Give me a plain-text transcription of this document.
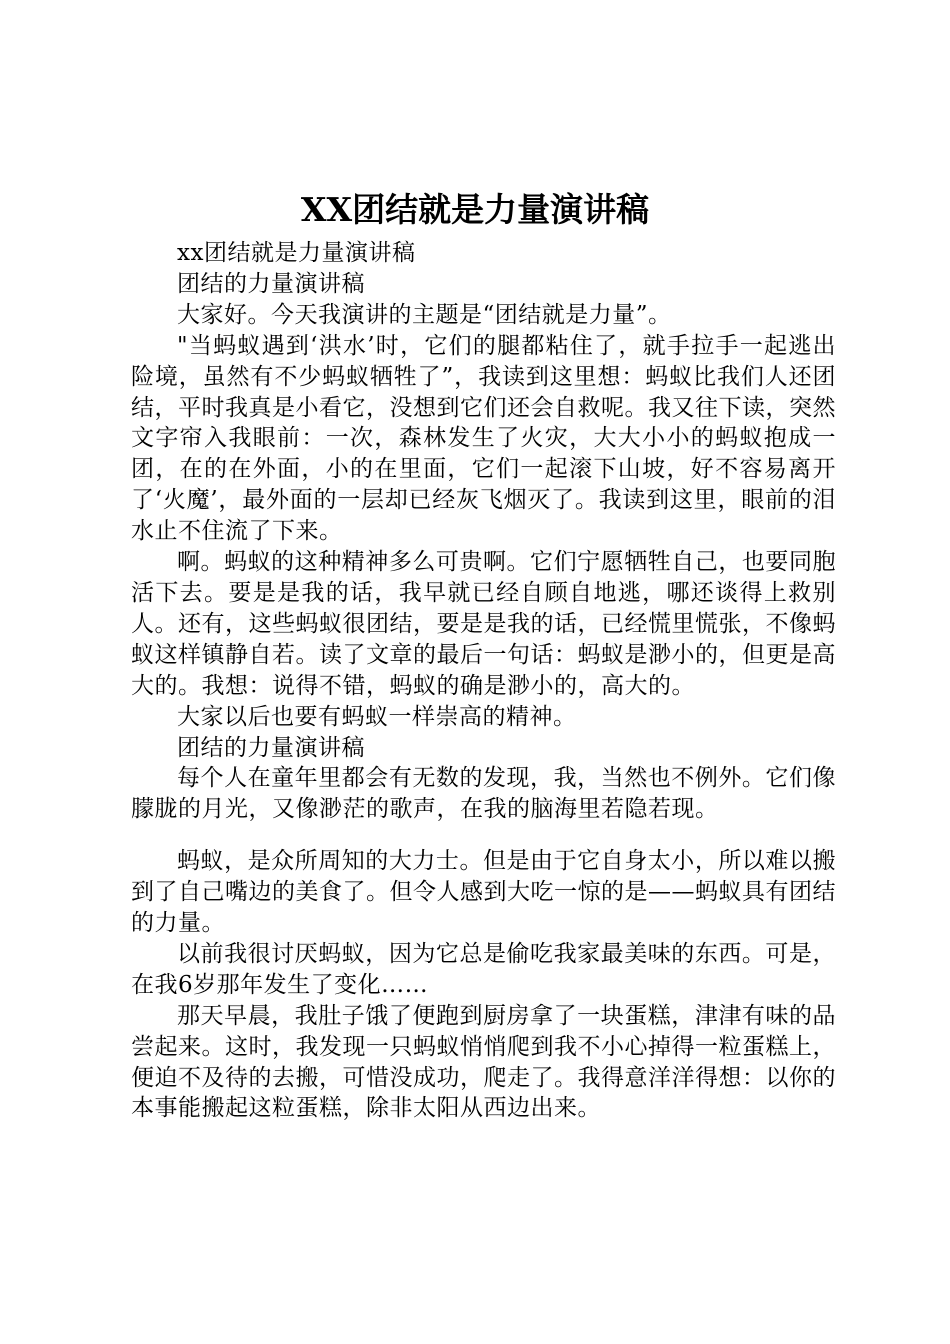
XX团结就是力量演讲稿

xx团结就是力量演讲稿

团结的力量演讲稿

大家好。今天我演讲的主题是“团结就是力量”。

"当蚂蚁遇到‘洪水’时，它们的腿都粘住了，就手拉手一起逃出险境，虽然有不少蚂蚁牺牲了”，我读到这里想：蚂蚁比我们人还团结，平时我真是小看它，没想到它们还会自救呢。我又往下读，突然文字帘入我眼前：一次，森林发生了火灾，大大小小的蚂蚁抱成一团，在的在外面，小的在里面，它们一起滚下山坡，好不容易离开了‘火魔’，最外面的一层却已经灰飞烟灭了。我读到这里，眼前的泪水止不住流了下来。

啊。蚂蚁的这种精神多么可贵啊。它们宁愿牺牲自己，也要同胞活下去。要是是我的话，我早就已经自顾自地逃，哪还谈得上救别人。还有，这些蚂蚁很团结，要是是我的话，已经慌里慌张，不像蚂蚁这样镇静自若。读了文章的最后一句话：蚂蚁是渺小的，但更是高大的。我想：说得不错，蚂蚁的确是渺小的，高大的。

大家以后也要有蚂蚁一样崇高的精神。

团结的力量演讲稿

每个人在童年里都会有无数的发现，我，当然也不例外。它们像朦胧的月光，又像渺茫的歌声，在我的脑海里若隐若现。

蚂蚁，是众所周知的大力士。但是由于它自身太小，所以难以搬到了自己嘴边的美食了。但令人感到大吃一惊的是——蚂蚁具有团结的力量。

以前我很讨厌蚂蚁，因为它总是偷吃我家最美味的东西。可是，在我6岁那年发生了变化……

那天早晨，我肚子饿了便跑到厨房拿了一块蛋糕，津津有味的品尝起来。这时，我发现一只蚂蚁悄悄爬到我不小心掉得一粒蛋糕上，便迫不及待的去搬，可惜没成功，爬走了。我得意洋洋得想：以你的本事能搬起这粒蛋糕，除非太阳从西边出来。
